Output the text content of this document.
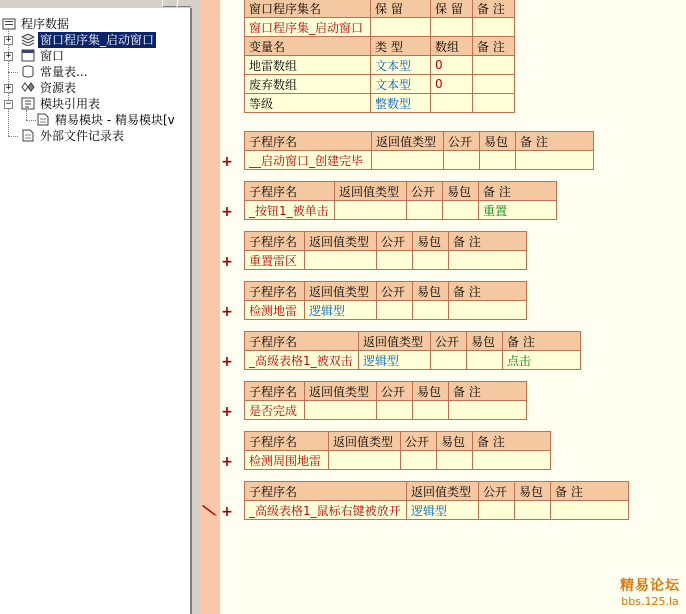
程序数据
+ 窗口程序集_启动窗口
+ 窗口
常量表...
+ 资源表
− 模块引用表
精易模块 - 精易模块[v
外部文件记录表
窗口程序集名	保 留	保 留	备 注
窗口程序集_启动窗口			
变量名	类 型	数组	备 注
地雷数组	文本型	0	
废弃数组	文本型	0	
等级	整数型		
+
子程序名	返回值类型	公开	易包	备 注
__启动窗口_创建完毕				
+
子程序名	返回值类型	公开	易包	备 注
_按钮1_被单击				重置
+
子程序名	返回值类型	公开	易包	备 注
重置雷区				
+
子程序名	返回值类型	公开	易包	备 注
检测地雷	逻辑型			
+
子程序名	返回值类型	公开	易包	备 注
_高级表格1_被双击	逻辑型			点击
+
子程序名	返回值类型	公开	易包	备 注
是否完成				
+
子程序名	返回值类型	公开	易包	备 注
检测周围地雷				
+
子程序名	返回值类型	公开	易包	备 注
_高级表格1_鼠标右键被放开	逻辑型			
精易论坛
bbs.125.la
